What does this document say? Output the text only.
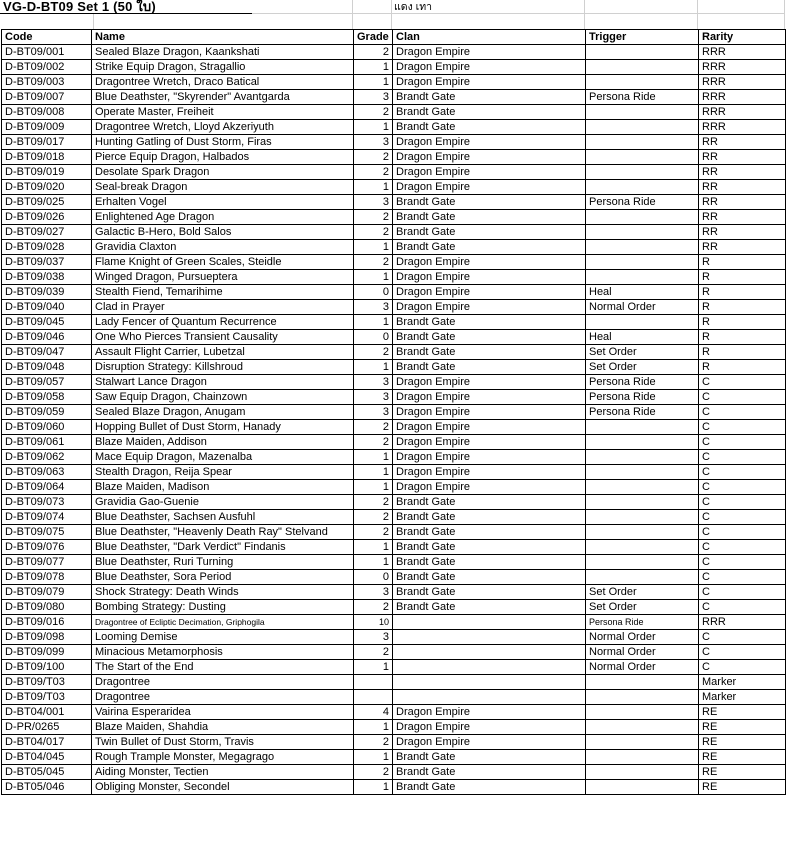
VG-D-BT09 Set 1 (50 ใบ)	แดง เทา
Code	Name	Grade	Clan	Trigger	Rarity
D-BT09/001	Sealed Blaze Dragon, Kaankshati	2	Dragon Empire		RRR
D-BT09/002	Strike Equip Dragon, Stragallio	1	Dragon Empire		RRR
D-BT09/003	Dragontree Wretch, Draco Batical	1	Dragon Empire		RRR
D-BT09/007	Blue Deathster, "Skyrender" Avantgarda	3	Brandt Gate	Persona Ride	RRR
D-BT09/008	Operate Master, Freiheit	2	Brandt Gate		RRR
D-BT09/009	Dragontree Wretch, Lloyd Akzeriyuth	1	Brandt Gate		RRR
D-BT09/017	Hunting Gatling of Dust Storm, Firas	3	Dragon Empire		RR
D-BT09/018	Pierce Equip Dragon, Halbados	2	Dragon Empire		RR
D-BT09/019	Desolate Spark Dragon	2	Dragon Empire		RR
D-BT09/020	Seal-break Dragon	1	Dragon Empire		RR
D-BT09/025	Erhalten Vogel	3	Brandt Gate	Persona Ride	RR
D-BT09/026	Enlightened Age Dragon	2	Brandt Gate		RR
D-BT09/027	Galactic B-Hero, Bold Salos	2	Brandt Gate		RR
D-BT09/028	Gravidia Claxton	1	Brandt Gate		RR
D-BT09/037	Flame Knight of Green Scales, Steidle	2	Dragon Empire		R
D-BT09/038	Winged Dragon, Pursueptera	1	Dragon Empire		R
D-BT09/039	Stealth Fiend, Temarihime	0	Dragon Empire	Heal	R
D-BT09/040	Clad in Prayer	3	Dragon Empire	Normal Order	R
D-BT09/045	Lady Fencer of Quantum Recurrence	1	Brandt Gate		R
D-BT09/046	One Who Pierces Transient Causality	0	Brandt Gate	Heal	R
D-BT09/047	Assault Flight Carrier, Lubetzal	2	Brandt Gate	Set Order	R
D-BT09/048	Disruption Strategy: Killshroud	1	Brandt Gate	Set Order	R
D-BT09/057	Stalwart Lance Dragon	3	Dragon Empire	Persona Ride	C
D-BT09/058	Saw Equip Dragon, Chainzown	3	Dragon Empire	Persona Ride	C
D-BT09/059	Sealed Blaze Dragon, Anugam	3	Dragon Empire	Persona Ride	C
D-BT09/060	Hopping Bullet of Dust Storm, Hanady	2	Dragon Empire		C
D-BT09/061	Blaze Maiden, Addison	2	Dragon Empire		C
D-BT09/062	Mace Equip Dragon, Mazenalba	1	Dragon Empire		C
D-BT09/063	Stealth Dragon, Reija Spear	1	Dragon Empire		C
D-BT09/064	Blaze Maiden, Madison	1	Dragon Empire		C
D-BT09/073	Gravidia Gao-Guenie	2	Brandt Gate		C
D-BT09/074	Blue Deathster, Sachsen Ausfuhl	2	Brandt Gate		C
D-BT09/075	Blue Deathster, "Heavenly Death Ray" Stelvand	2	Brandt Gate		C
D-BT09/076	Blue Deathster, "Dark Verdict" Findanis	1	Brandt Gate		C
D-BT09/077	Blue Deathster, Ruri Turning	1	Brandt Gate		C
D-BT09/078	Blue Deathster, Sora Period	0	Brandt Gate		C
D-BT09/079	Shock Strategy: Death Winds	3	Brandt Gate	Set Order	C
D-BT09/080	Bombing Strategy: Dusting	2	Brandt Gate	Set Order	C
D-BT09/016	Dragontree of Ecliptic Decimation, Griphogila	10		Persona Ride	RRR
D-BT09/098	Looming Demise	3		Normal Order	C
D-BT09/099	Minacious Metamorphosis	2		Normal Order	C
D-BT09/100	The Start of the End	1		Normal Order	C
D-BT09/T03	Dragontree				Marker
D-BT09/T03	Dragontree				Marker
D-BT04/001	Vairina Esperaridea	4	Dragon Empire		RE
D-PR/0265	Blaze Maiden, Shahdia	1	Dragon Empire		RE
D-BT04/017	Twin Bullet of Dust Storm, Travis	2	Dragon Empire		RE
D-BT04/045	Rough Trample Monster, Megagrago	1	Brandt Gate		RE
D-BT05/045	Aiding Monster, Tectien	2	Brandt Gate		RE
D-BT05/046	Obliging Monster, Secondel	1	Brandt Gate		RE
